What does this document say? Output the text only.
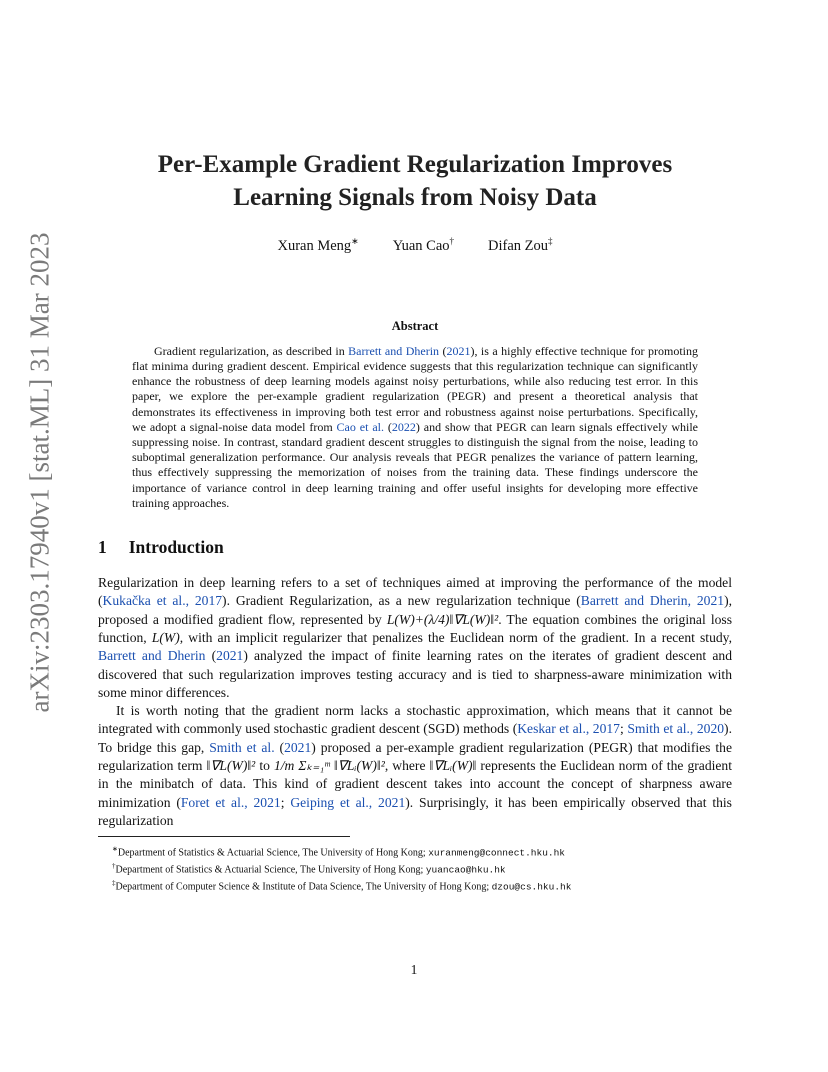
arXiv:2303.17940v1 [stat.ML] 31 Mar 2023
Per-Example Gradient Regularization Improves
Learning Signals from Noisy Data
Xuran Meng∗ Yuan Cao† Difan Zou‡

Abstract

Gradient regularization, as described in Barrett and Dherin (2021), is a highly effective technique for promoting flat minima during gradient descent. Empirical evidence suggests that this regularization technique can significantly enhance the robustness of deep learning models against noisy perturbations, while also reducing test error. In this paper, we explore the per-example gradient regularization (PEGR) and present a theoretical analysis that demonstrates its effectiveness in improving both test error and robustness against noise perturbations. Specifically, we adopt a signal-noise data model from Cao et al. (2022) and show that PEGR can learn signals effectively while suppressing noise. In contrast, standard gradient descent struggles to distinguish the signal from the noise, leading to suboptimal generalization performance. Our analysis reveals that PEGR penalizes the variance of pattern learning, thus effectively suppressing the memorization of noises from the training data. These findings underscore the importance of variance control in deep learning training and offer useful insights for developing more effective training approaches.

1 Introduction

Regularization in deep learning refers to a set of techniques aimed at improving the performance of the model (Kukačka et al., 2017). Gradient Regularization, as a new regularization technique (Barrett and Dherin, 2021), proposed a modified gradient flow, represented by L(W)+(λ/4)‖∇L(W)‖². The equation combines the original loss function, L(W), with an implicit regularizer that penalizes the Euclidean norm of the gradient. In a recent study, Barrett and Dherin (2021) analyzed the impact of finite learning rates on the iterates of gradient descent and discovered that such regularization improves testing accuracy and is tied to sharpness-aware minimization with some minor differences.

It is worth noting that the gradient norm lacks a stochastic approximation, which means that it cannot be integrated with commonly used stochastic gradient descent (SGD) methods (Keskar et al., 2017; Smith et al., 2020). To bridge this gap, Smith et al. (2021) proposed a per-example gradient regularization (PEGR) that modifies the regularization term ‖∇L(W)‖² to 1/m Σₖ₌₁ᵐ ‖∇Lᵢ(W)‖², where ‖∇Lᵢ(W)‖ represents the Euclidean norm of the gradient in the minibatch of data. This kind of gradient descent takes into account the concept of sharpness aware minimization (Foret et al., 2021; Geiping et al., 2021). Surprisingly, it has been empirically observed that this regularization

∗Department of Statistics & Actuarial Science, The University of Hong Kong; xuranmeng@connect.hku.hk

†Department of Statistics & Actuarial Science, The University of Hong Kong; yuancao@hku.hk

‡Department of Computer Science & Institute of Data Science, The University of Hong Kong; dzou@cs.hku.hk

1
